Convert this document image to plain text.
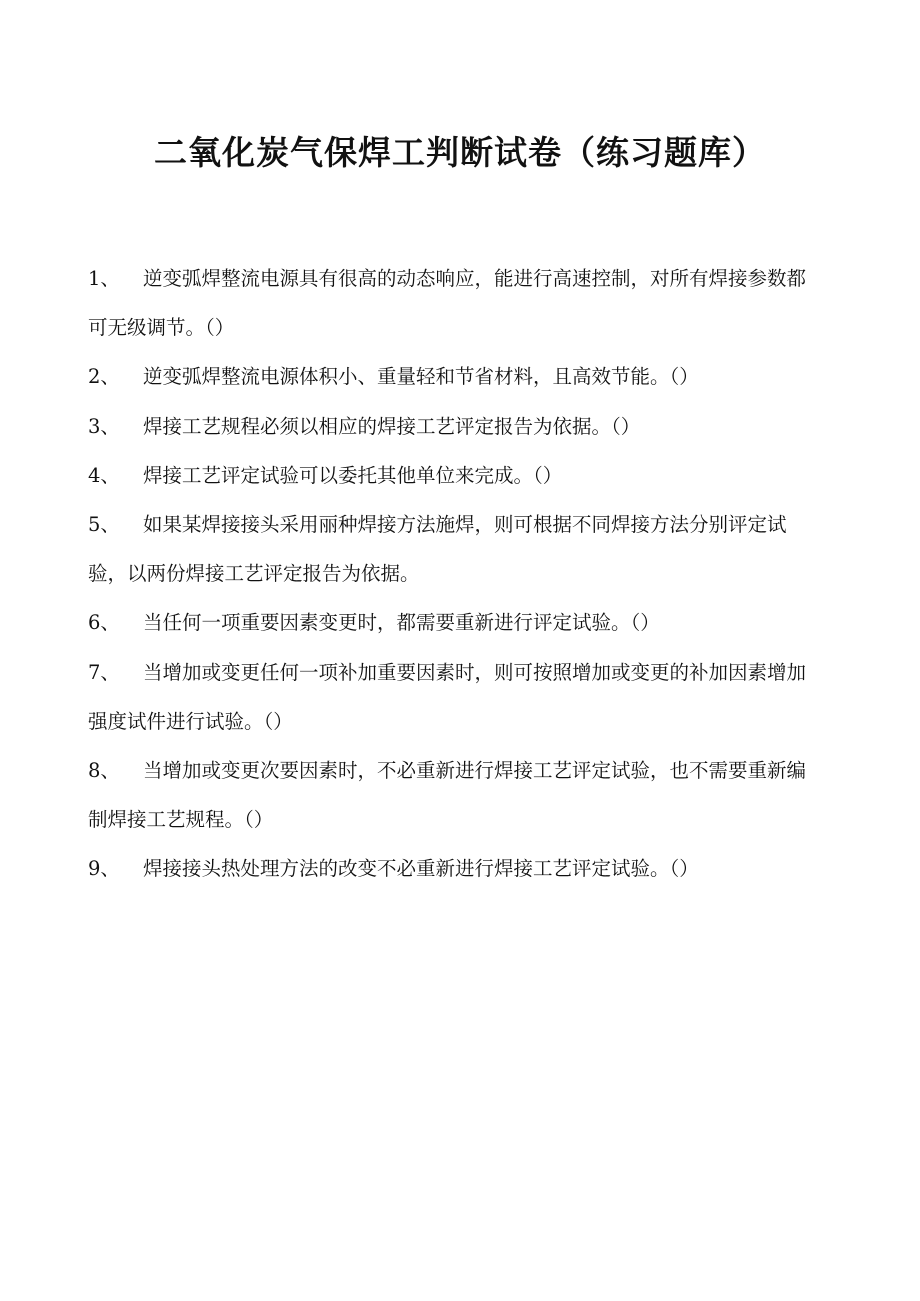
二氧化炭气保焊工判断试卷（练习题库）

1、 逆变弧焊整流电源具有很高的动态响应，能进行高速控制，对所有焊接参数都可无级调节。（）

2、 逆变弧焊整流电源体积小、重量轻和节省材料，且高效节能。（）

3、 焊接工艺规程必须以相应的焊接工艺评定报告为依据。（）

4、 焊接工艺评定试验可以委托其他单位来完成。（）

5、 如果某焊接接头采用丽种焊接方法施焊，则可根据不同焊接方法分别评定试验，以两份焊接工艺评定报告为依据。

6、 当任何一项重要因素变更时，都需要重新进行评定试验。（）

7、 当增加或变更任何一项补加重要因素时，则可按照增加或变更的补加因素增加强度试件进行试验。（）

8、 当增加或变更次要因素时，不必重新进行焊接工艺评定试验，也不需要重新编制焊接工艺规程。（）

9、 焊接接头热处理方法的改变不必重新进行焊接工艺评定试验。（）
